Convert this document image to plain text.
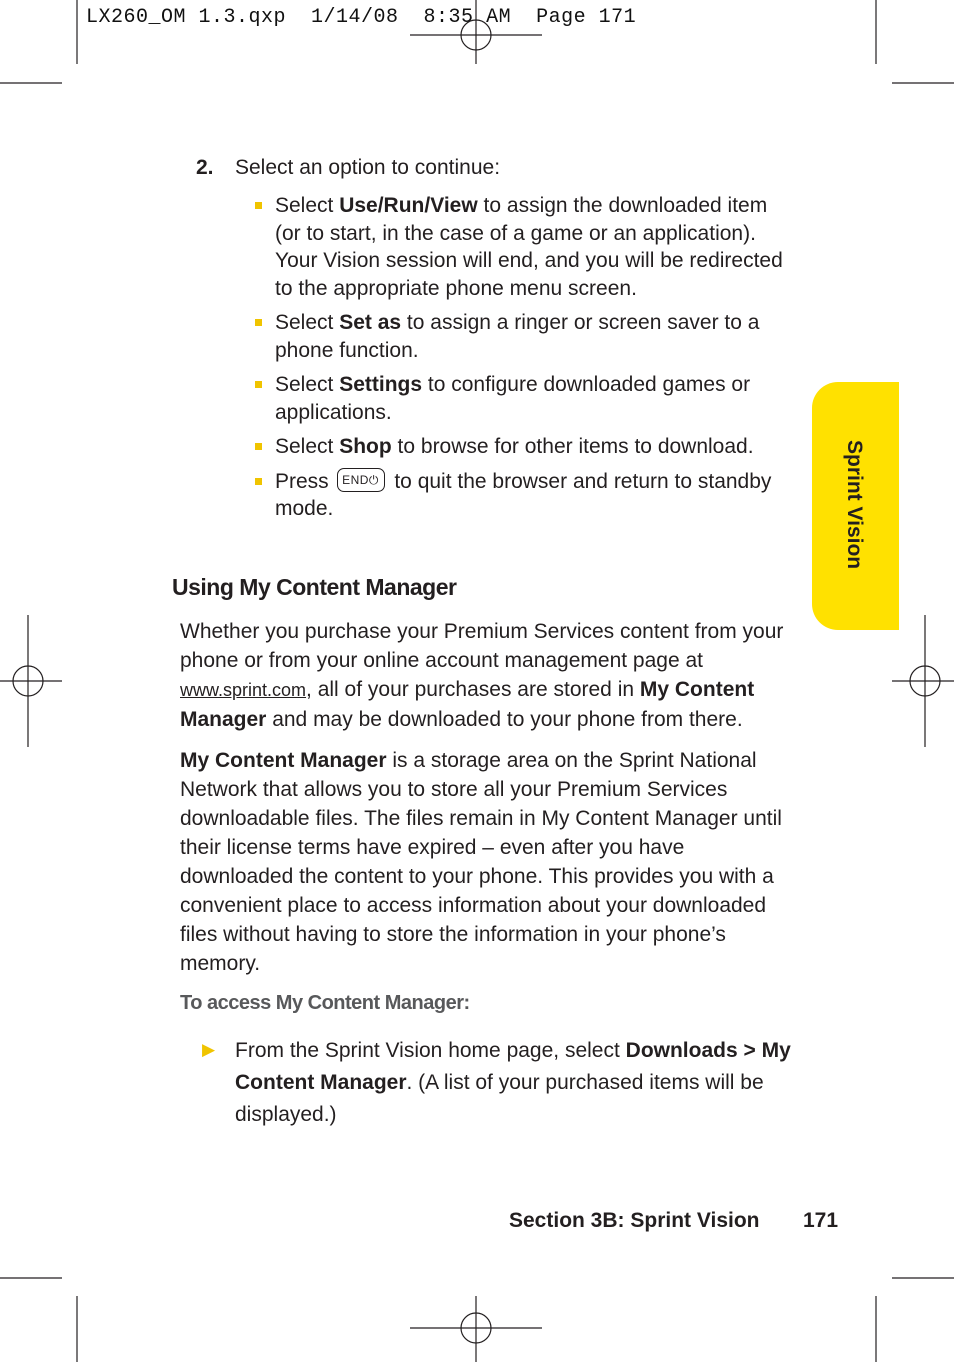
LX260_OM 1.3.qxp  1/14/08  8:35 AM  Page 171
Sprint Vision
2. Select an option to continue:
Select Use/Run/View to assign the downloaded item (or to start, in the case of a game or an application). Your Vision session will end, and you will be redirected to the appropriate phone menu screen.
Select Set as to assign a ringer or screen saver to a phone function.
Select Settings to configure downloaded games or applications.
Select Shop to browse for other items to download.
Press END⏻ to quit the browser and return to standby mode.
Using My Content Manager

Whether you purchase your Premium Services content from your phone or from your online account management page at www.sprint.com, all of your purchases are stored in My Content Manager and may be downloaded to your phone from there.

My Content Manager is a storage area on the Sprint National Network that allows you to store all your Premium Services downloadable files. The files remain in My Content Manager until their license terms have expired – even after you have downloaded the content to your phone. This provides you with a convenient place to access information about your downloaded files without having to store the information in your phone’s memory.

To access My Content Manager:
▶ From the Sprint Vision home page, select Downloads > My Content Manager. (A list of your purchased items will be displayed.)

Section 3B: Sprint Vision 171
